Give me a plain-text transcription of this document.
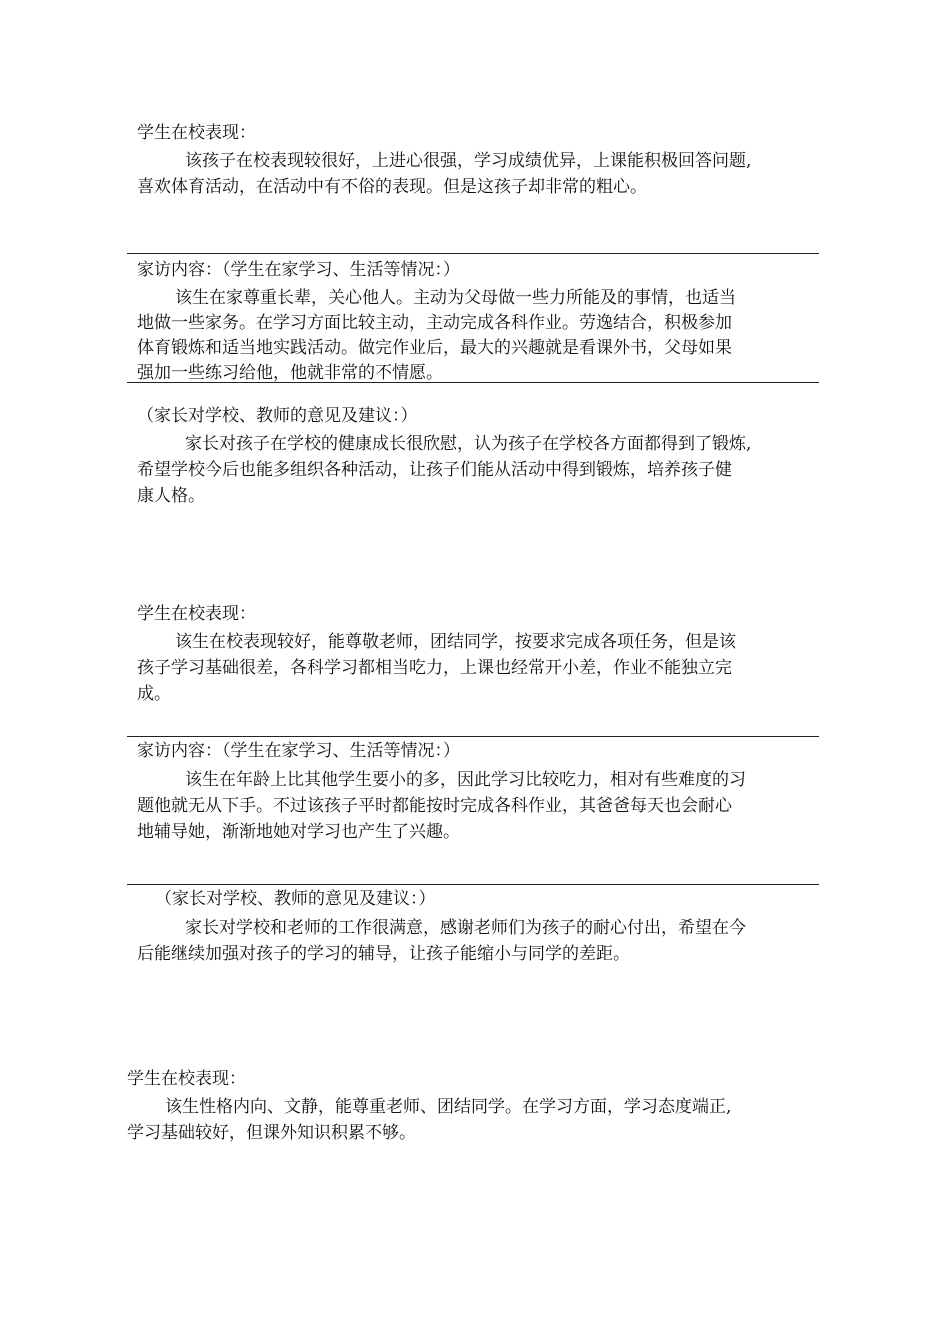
学生在校表现：
该孩子在校表现较很好，上进心很强，学习成绩优异，上课能积极回答问题,
喜欢体育活动，在活动中有不俗的表现。但是这孩子却非常的粗心。
家访内容：（学生在家学习、生活等情况：）
该生在家尊重长辈，关心他人。主动为父母做一些力所能及的事情，也适当
地做一些家务。在学习方面比较主动，主动完成各科作业。劳逸结合，积极参加
体育锻炼和适当地实践活动。做完作业后，最大的兴趣就是看课外书，父母如果
强加一些练习给他，他就非常的不情愿。
（家长对学校、教师的意见及建议：）
家长对孩子在学校的健康成长很欣慰，认为孩子在学校各方面都得到了锻炼,
希望学校今后也能多组织各种活动，让孩子们能从活动中得到锻炼，培养孩子健
康人格。
学生在校表现：
该生在校表现较好，能尊敬老师，团结同学，按要求完成各项任务，但是该
孩子学习基础很差，各科学习都相当吃力，上课也经常开小差，作业不能独立完
成。
家访内容：（学生在家学习、生活等情况：）
该生在年龄上比其他学生要小的多，因此学习比较吃力，相对有些难度的习
题他就无从下手。不过该孩子平时都能按时完成各科作业，其爸爸每天也会耐心
地辅导她，渐渐地她对学习也产生了兴趣。
（家长对学校、教师的意见及建议：）
家长对学校和老师的工作很满意，感谢老师们为孩子的耐心付出，希望在今
后能继续加强对孩子的学习的辅导，让孩子能缩小与同学的差距。
学生在校表现：
该生性格内向、文静，能尊重老师、团结同学。在学习方面，学习态度端正,
学习基础较好，但课外知识积累不够。
